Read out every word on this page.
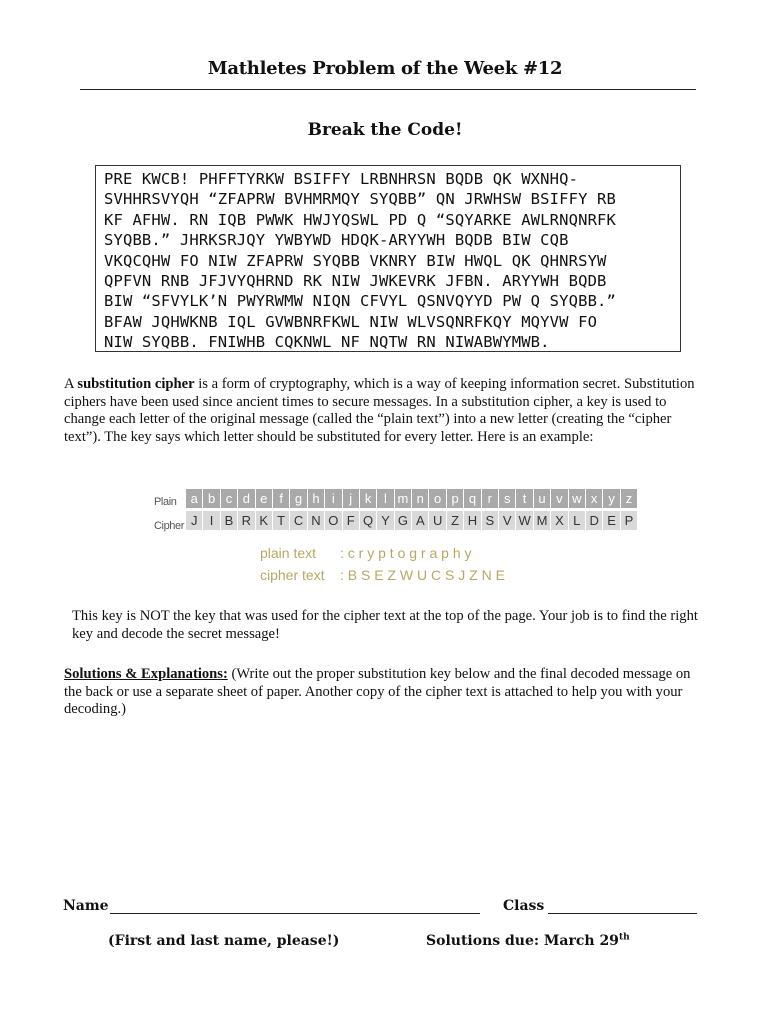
Mathletes Problem of the Week #12
Break the Code!
PRE KWCB! PHFFTYRKW BSIFFY LRBNHRSN BQDB QK WXNHQ-
SVHHRSVYQH “ZFAPRW BVHMRMQY SYQBB” QN JRWHSW BSIFFY RB
KF AFHW. RN IQB PWWK HWJYQSWL PD Q “SQYARKE AWLRNQNRFK
SYQBB.” JHRKSRJQY YWBYWD HDQK-ARYYWH BQDB BIW CQB
VKQCQHW FO NIW ZFAPRW SYQBB VKNRY BIW HWQL QK QHNRSYW
QPFVN RNB JFJVYQHRND RK NIW JWKEVRK JFBN. ARYYWH BQDB
BIW “SFVYLK’N PWYRWMW NIQN CFVYL QSNVQYYD PW Q SYQBB.”
BFAW JQHWKNB IQL GVWBNRFKWL NIW WLVSQNRFKQY MQYVW FO
NIW SYQBB. FNIWHB CQKNWL NF NQTW RN NIWABWYMWB.
A substitution cipher is a form of cryptography, which is a way of keeping information secret. Substitution ciphers have been used since ancient times to secure messages. In a substitution cipher, a key is used to change each letter of the original message (called the “plain text”) into a new letter (creating the “cipher text”). The key says which letter should be substituted for every letter. Here is an example:
Plain	a b c d e f g h i	j k l m n o p q r s t u v w x y z
Cipher J I B R K T C N O F Q Y G A U Z H S V W M X L D E P
plain text : c r y p t o g r a p h y
cipher text : B S E Z W U C S J Z N E
This key is NOT the key that was used for the cipher text at the top of the page. Your job is to find the right key and decode the secret message!
Solutions & Explanations: (Write out the proper substitution key below and the final decoded message on the back or use a separate sheet of paper. Another copy of the cipher text is attached to help you with your decoding.)
Name	Class
(First and last name, please!)	Solutions due: March 29th
